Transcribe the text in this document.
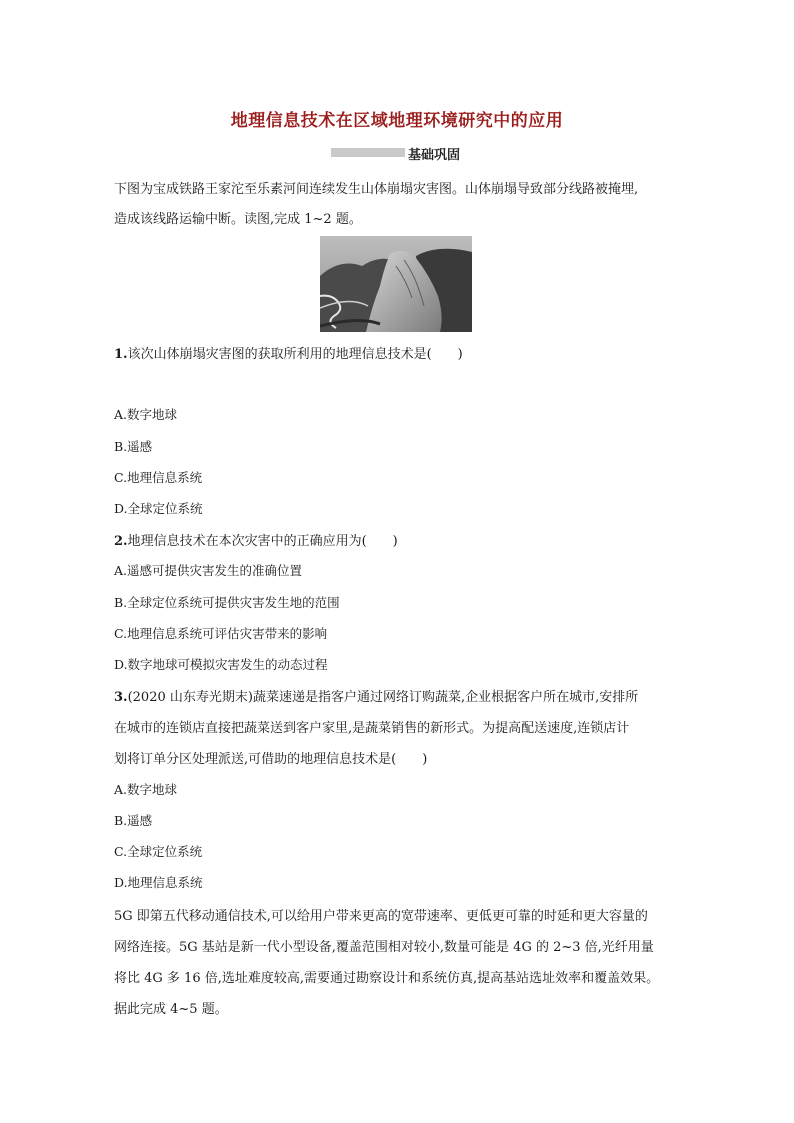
地理信息技术在区域地理环境研究中的应用
基础巩固
下图为宝成铁路王家沱至乐素河间连续发生山体崩塌灾害图。山体崩塌导致部分线路被掩埋,
造成该线路运输中断。读图,完成 1~2 题。
1.该次山体崩塌灾害图的获取所利用的地理信息技术是(　　)
A.数字地球
B.遥感
C.地理信息系统
D.全球定位系统
2.地理信息技术在本次灾害中的正确应用为(　　)
A.遥感可提供灾害发生的准确位置
B.全球定位系统可提供灾害发生地的范围
C.地理信息系统可评估灾害带来的影响
D.数字地球可模拟灾害发生的动态过程
3.(2020 山东寿光期末)蔬菜速递是指客户通过网络订购蔬菜,企业根据客户所在城市,安排所
在城市的连锁店直接把蔬菜送到客户家里,是蔬菜销售的新形式。为提高配送速度,连锁店计
划将订单分区处理派送,可借助的地理信息技术是(　　)
A.数字地球
B.遥感
C.全球定位系统
D.地理信息系统
5G 即第五代移动通信技术,可以给用户带来更高的宽带速率、更低更可靠的时延和更大容量的
网络连接。5G 基站是新一代小型设备,覆盖范围相对较小,数量可能是 4G 的 2~3 倍,光纤用量
将比 4G 多 16 倍,选址难度较高,需要通过勘察设计和系统仿真,提高基站选址效率和覆盖效果。
据此完成 4~5 题。
